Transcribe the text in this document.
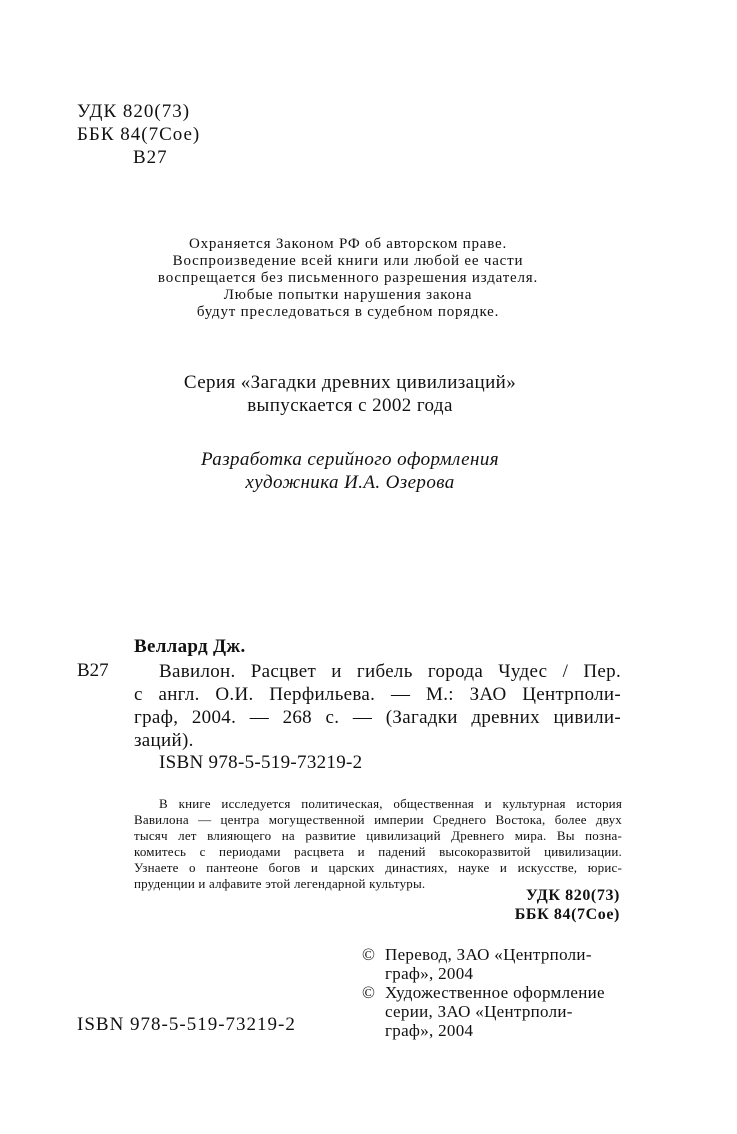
УДК 820(73)
ББК 84(7Сое)
В27
Охраняется Законом РФ об авторском праве.
Воспроизведение всей книги или любой ее части
воспрещается без письменного разрешения издателя.
Любые попытки нарушения закона
будут преследоваться в судебном порядке.
Серия «Загадки древних цивилизаций»
выпускается с 2002 года
Разработка серийного оформления
художника И.А. Озерова
Веллард Дж.
В27	Вавилон. Расцвет и гибель города Чудес / Пер.
с англ. О.И. Перфильева. — М.: ЗАО Центрполи-
граф, 2004. — 268 с. — (Загадки древних цивили-
заций).
ISBN 978-5-519-73219-2
В книге исследуется политическая, общественная и культурная история
Вавилона — центра могущественной империи Среднего Востока, более двух
тысяч лет влияющего на развитие цивилизаций Древнего мира. Вы позна-
комитесь с периодами расцвета и падений высокоразвитой цивилизации.
Узнаете о пантеоне богов и царских династиях, науке и искусстве, юрис-
пруденции и алфавите этой легендарной культуры.
УДК 820(73)
ББК 84(7Сое)
© Перевод, ЗАО «Центрполи-
граф», 2004
© Художественное оформление
серии, ЗАО «Центрполи-
граф», 2004
ISBN 978-5-519-73219-2
